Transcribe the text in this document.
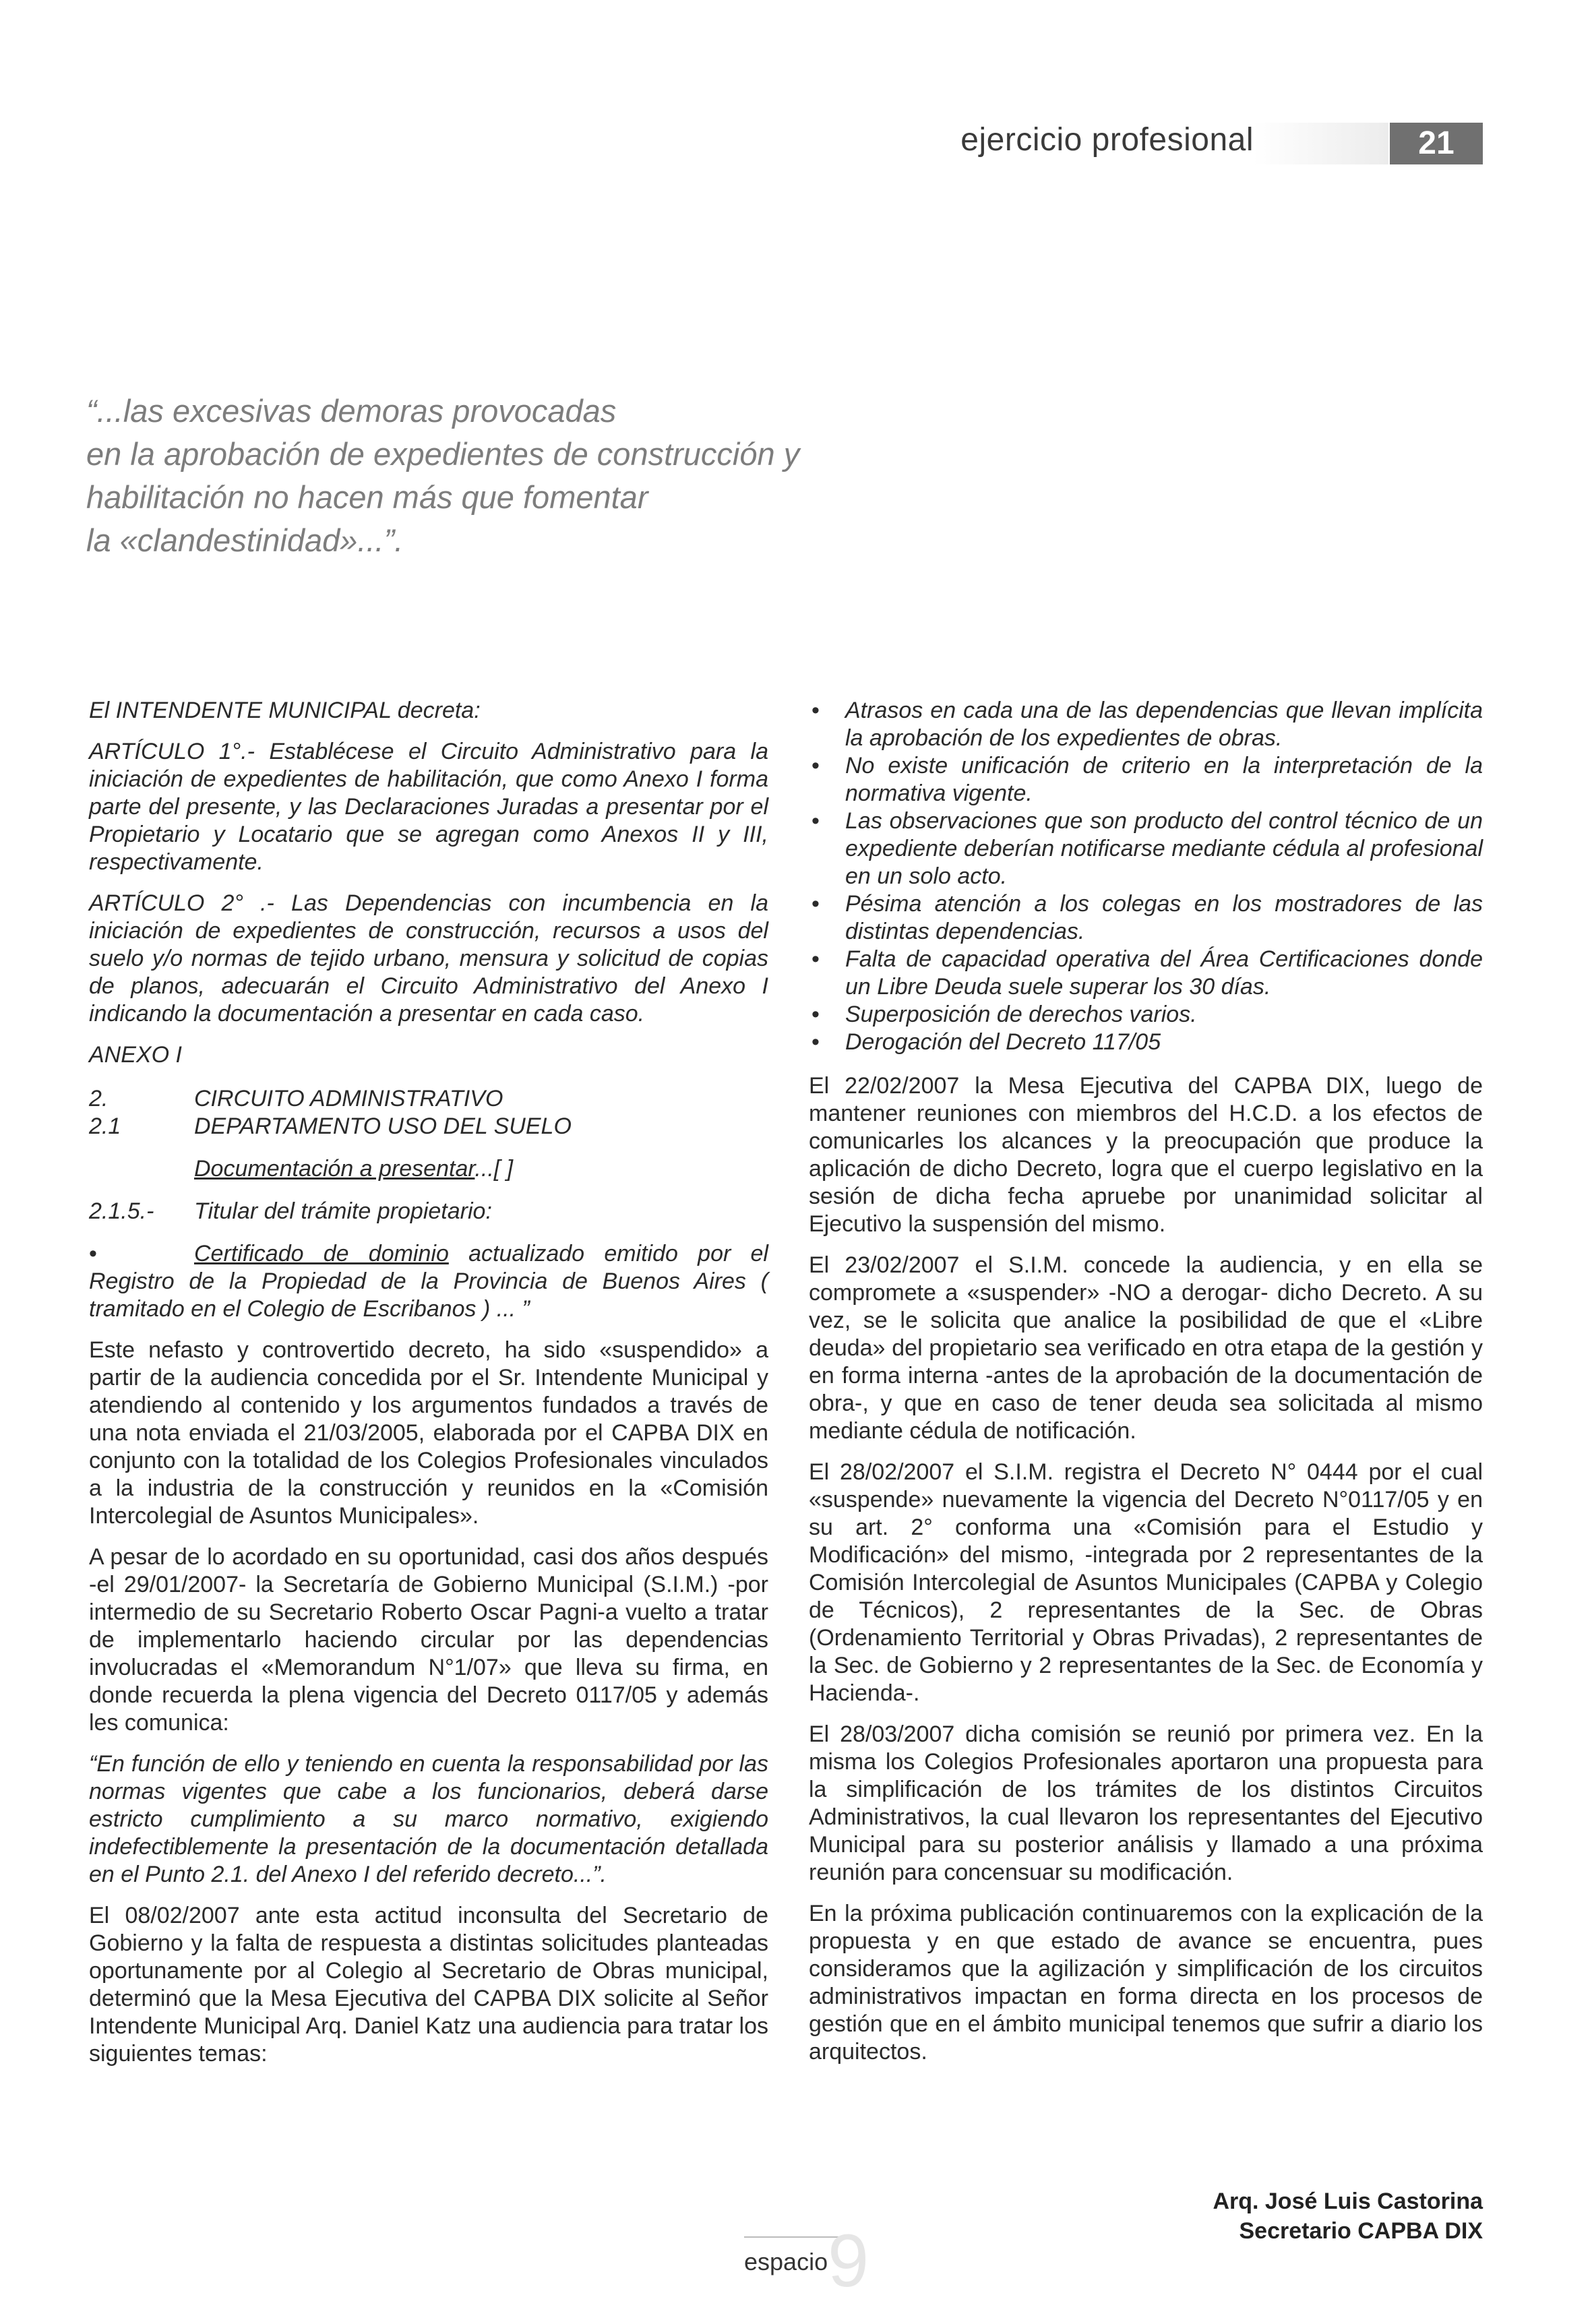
ejercicio profesional	21
“...las excesivas demoras provocadas
en la aprobación de expedientes de construcción y
habilitación no hacen más que fomentar
la «clandestinidad»...”.

El INTENDENTE MUNICIPAL decreta:

ARTÍCULO 1°.- Establécese el Circuito Administrativo para la iniciación de expedientes de habilitación, que como Anexo I forma parte del presente, y las Declaraciones Juradas a presentar por el Propietario y Locatario que se agregan como Anexos II y III, respectivamente.

ARTÍCULO 2° .- Las Dependencias con incumbencia en la iniciación de expedientes de construcción, recursos a usos del suelo y/o normas de tejido urbano, mensura y solicitud de copias de planos, adecuarán el Circuito Administrativo del Anexo I indicando la documentación a presentar en cada caso.

ANEXO I

2.	CIRCUITO ADMINISTRATIVO
2.1	DEPARTAMENTO USO DEL SUELO

Documentación a presentar...[ ]

2.1.5.-	Titular del trámite propietario:

•	Certificado de dominio actualizado emitido por el Registro de la Propiedad de la Provincia de Buenos Aires ( tramitado en el Colegio de Escribanos ) ... ”

Este nefasto y controvertido decreto, ha sido «suspendido» a partir de la audiencia concedida por el Sr. Intendente Municipal y atendiendo al contenido y los argumentos fundados a través de una nota enviada el 21/03/2005, elaborada por el CAPBA DIX en conjunto con la totalidad de los Colegios Profesionales vinculados a la industria de la construcción y reunidos en la «Comisión Intercolegial de Asuntos Municipales».

A pesar de lo acordado en su oportunidad, casi dos años después -el 29/01/2007- la Secretaría de Gobierno Municipal (S.I.M.) -por intermedio de su Secretario Roberto Oscar Pagni-a vuelto a tratar de implementarlo haciendo circular por las dependencias involucradas el «Memorandum N°1/07» que lleva su firma, en donde recuerda la plena vigencia del Decreto 0117/05 y además les comunica:

“En función de ello y teniendo en cuenta la responsabilidad por las normas vigentes que cabe a los funcionarios, deberá darse estricto cumplimiento a su marco normativo, exigiendo indefectiblemente la presentación de la documentación detallada en el Punto 2.1. del Anexo I del referido decreto...”.

El 08/02/2007 ante esta actitud inconsulta del Secretario de Gobierno y la falta de respuesta a distintas solicitudes planteadas oportunamente por al Colegio al Secretario de Obras municipal, determinó que la Mesa Ejecutiva del CAPBA DIX solicite al Señor Intendente Municipal Arq. Daniel Katz una audiencia para tratar los siguientes temas:

• Atrasos en cada una de las dependencias que llevan implícita la aprobación de los expedientes de obras.
• No existe unificación de criterio en la interpretación de la normativa vigente.
• Las observaciones que son producto del control técnico de un expediente deberían notificarse mediante cédula al profesional en un solo acto.
• Pésima atención a los colegas en los mostradores de las distintas dependencias.
• Falta de capacidad operativa del Área Certificaciones donde un Libre Deuda suele superar los 30 días.
• Superposición de derechos varios.
• Derogación del Decreto 117/05

El 22/02/2007 la Mesa Ejecutiva del CAPBA DIX, luego de mantener reuniones con miembros del H.C.D. a los efectos de comunicarles los alcances y la preocupación que produce la aplicación de dicho Decreto, logra que el cuerpo legislativo en la sesión de dicha fecha apruebe por unanimidad solicitar al Ejecutivo la suspensión del mismo.

El 23/02/2007 el S.I.M. concede la audiencia, y en ella se compromete a «suspender» -NO a derogar- dicho Decreto. A su vez, se le solicita que analice la posibilidad de que el «Libre deuda» del propietario sea verificado en otra etapa de la gestión y en forma interna -antes de la aprobación de la documentación de obra-, y que en caso de tener deuda sea solicitada al mismo mediante cédula de notificación.

El 28/02/2007 el S.I.M. registra el Decreto N° 0444 por el cual «suspende» nuevamente la vigencia del Decreto N°0117/05 y en su art. 2° conforma una «Comisión para el Estudio y Modificación» del mismo, -integrada por 2 representantes de la Comisión Intercolegial de Asuntos Municipales (CAPBA y Colegio de Técnicos), 2 representantes de la Sec. de Obras (Ordenamiento Territorial y Obras Privadas), 2 representantes de la Sec. de Gobierno y 2 representantes de la Sec. de Economía y Hacienda-.

El 28/03/2007 dicha comisión se reunió por primera vez. En la misma los Colegios Profesionales aportaron una propuesta para la simplificación de los trámites de los distintos Circuitos Administrativos, la cual llevaron los representantes del Ejecutivo Municipal para su posterior análisis y llamado a una próxima reunión para concensuar su modificación.

En la próxima publicación continuaremos con la explicación de la propuesta y en que estado de avance se encuentra, pues consideramos que la agilización y simplificación de los circuitos administrativos impactan en forma directa en los procesos de gestión que en el ámbito municipal tenemos que sufrir a diario los arquitectos.

Arq. José Luis Castorina
Secretario CAPBA DIX
9
espacio
